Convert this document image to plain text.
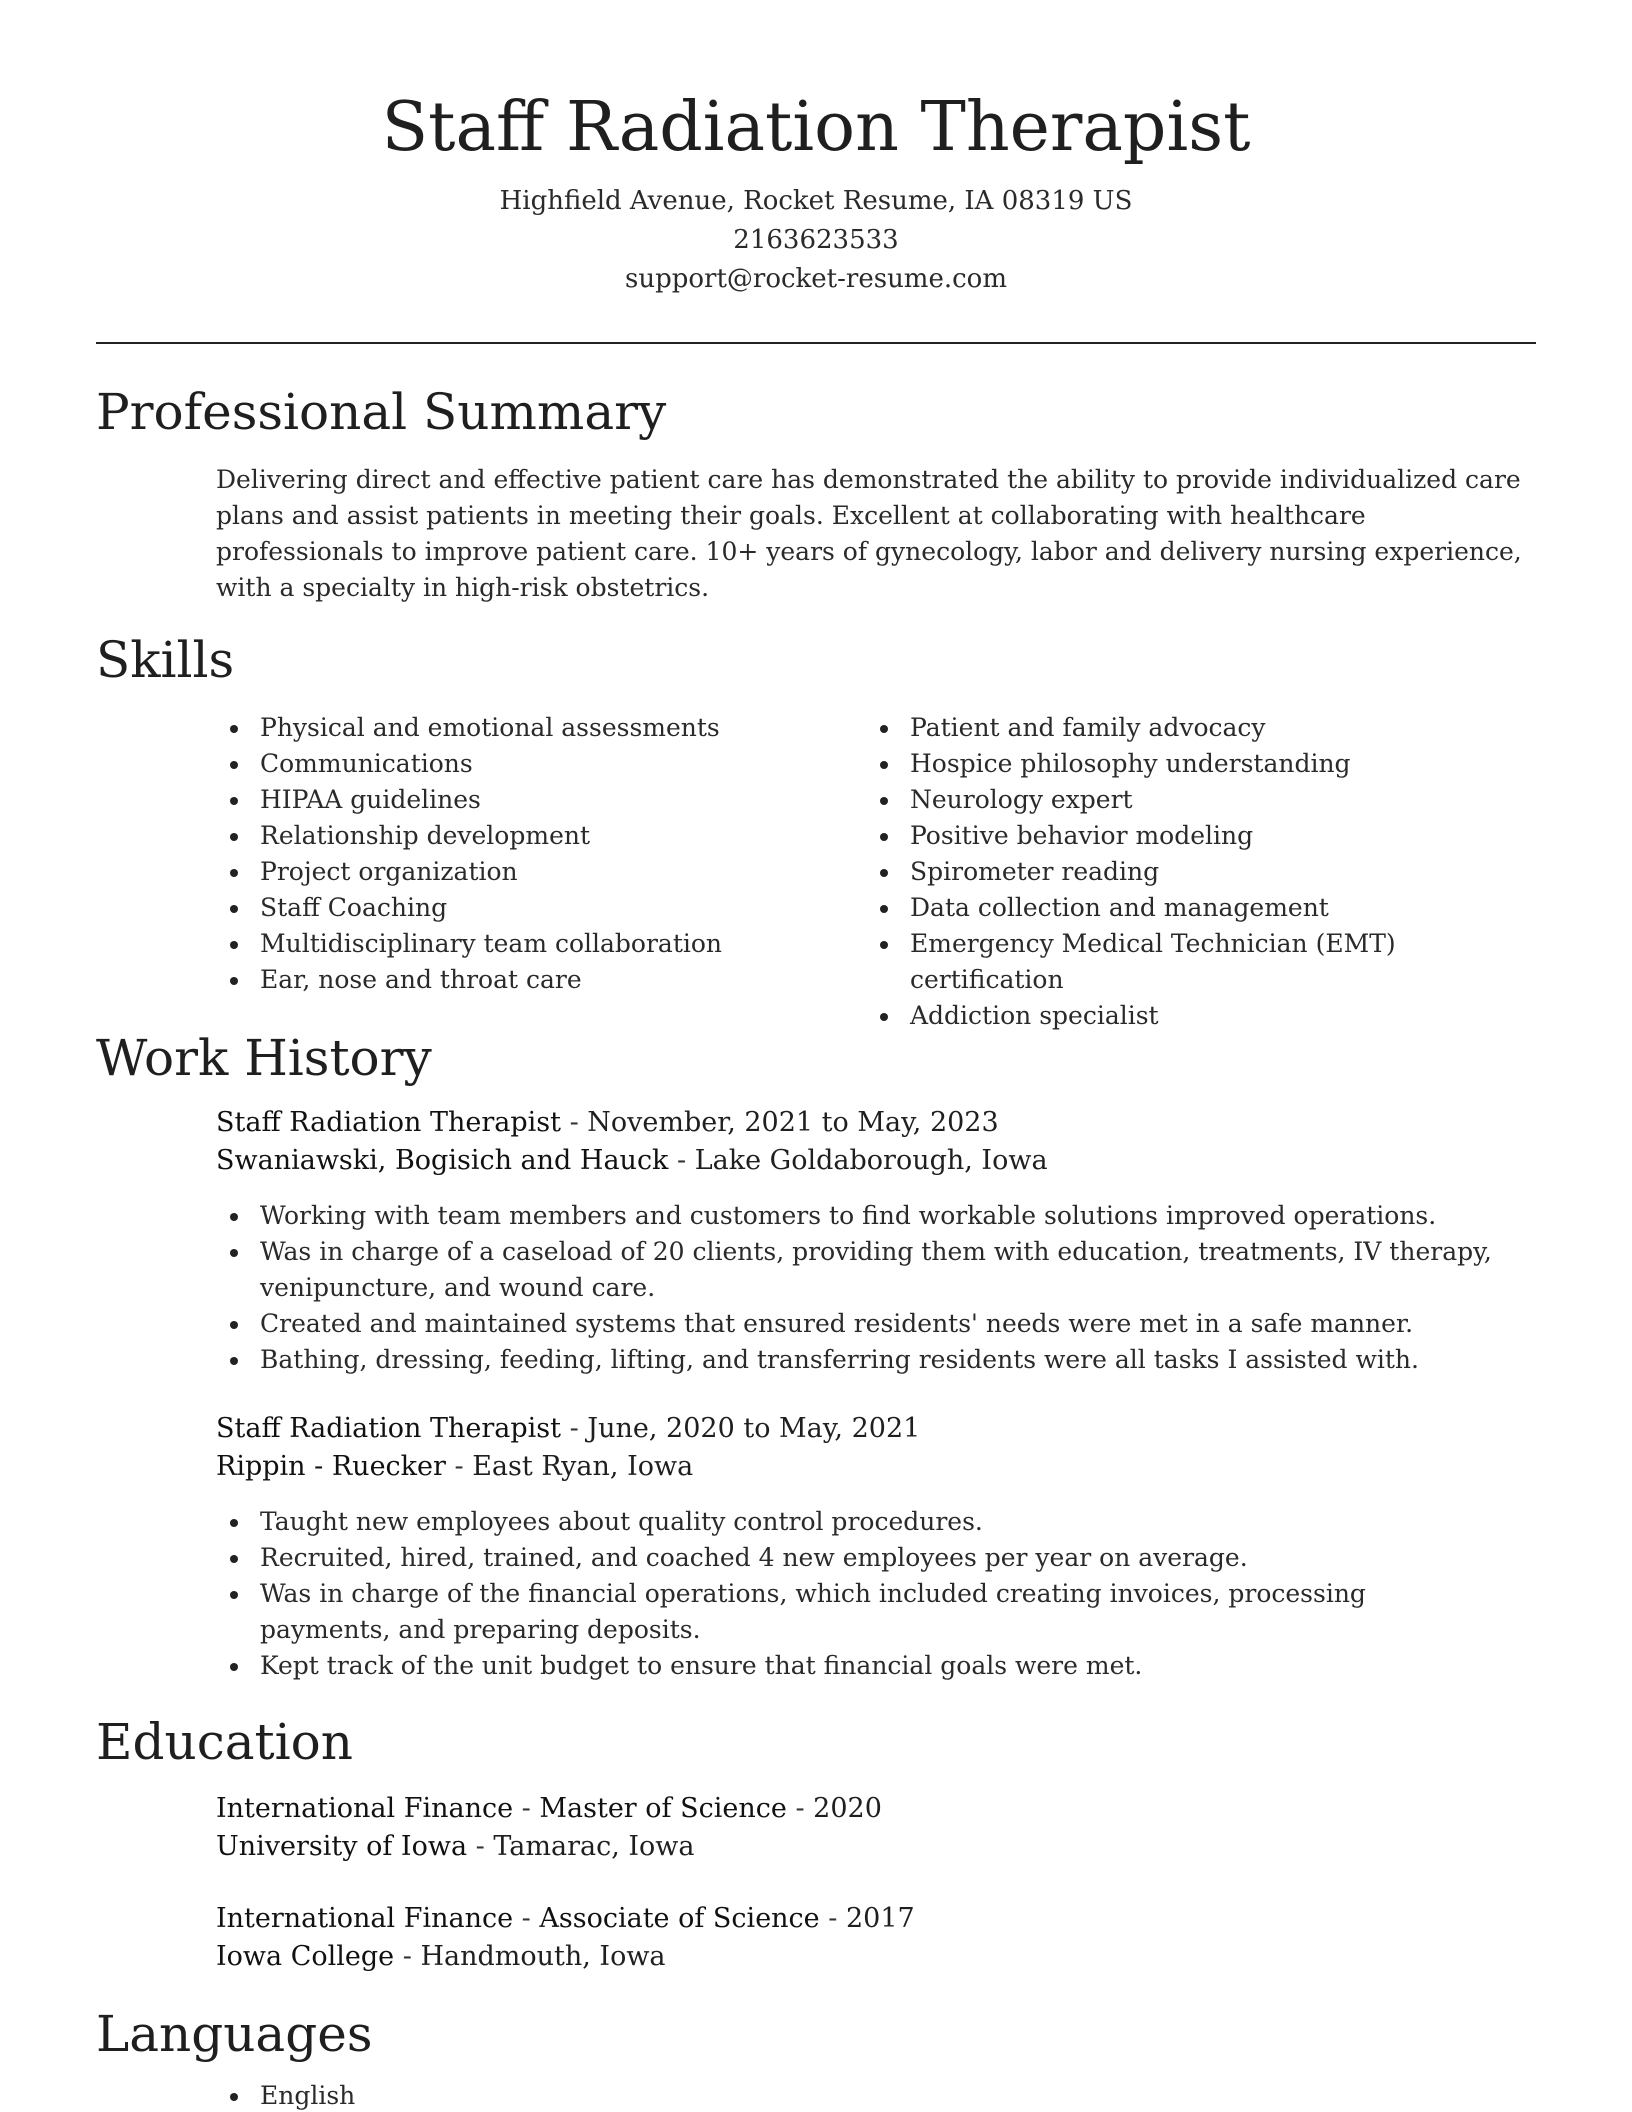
Staff Radiation Therapist
Highfield Avenue, Rocket Resume, IA 08319 US
2163623533
support@rocket-resume.com
Professional Summary

Delivering direct and effective patient care has demonstrated the ability to provide individualized care plans and assist patients in meeting their goals. Excellent at collaborating with healthcare professionals to improve patient care. 10+ years of gynecology, labor and delivery nursing experience, with a specialty in high-risk obstetrics.

Skills
Physical and emotional assessments
Communications
HIPAA guidelines
Relationship development
Project organization
Staff Coaching
Multidisciplinary team collaboration
Ear, nose and throat care
Patient and family advocacy
Hospice philosophy understanding
Neurology expert
Positive behavior modeling
Spirometer reading
Data collection and management
Emergency Medical Technician (EMT) certification
Addiction specialist
Work History
Staff Radiation Therapist - November, 2021 to May, 2023
Swaniawski, Bogisich and Hauck - Lake Goldaborough, Iowa
Working with team members and customers to find workable solutions improved operations.
Was in charge of a caseload of 20 clients, providing them with education, treatments, IV therapy, venipuncture, and wound care.
Created and maintained systems that ensured residents' needs were met in a safe manner.
Bathing, dressing, feeding, lifting, and transferring residents were all tasks I assisted with.
Staff Radiation Therapist - June, 2020 to May, 2021
Rippin - Ruecker - East Ryan, Iowa
Taught new employees about quality control procedures.
Recruited, hired, trained, and coached 4 new employees per year on average.
Was in charge of the financial operations, which included creating invoices, processing payments, and preparing deposits.
Kept track of the unit budget to ensure that financial goals were met.
Education
International Finance - Master of Science - 2020
University of Iowa - Tamarac, Iowa
International Finance - Associate of Science - 2017
Iowa College - Handmouth, Iowa
Languages
English
